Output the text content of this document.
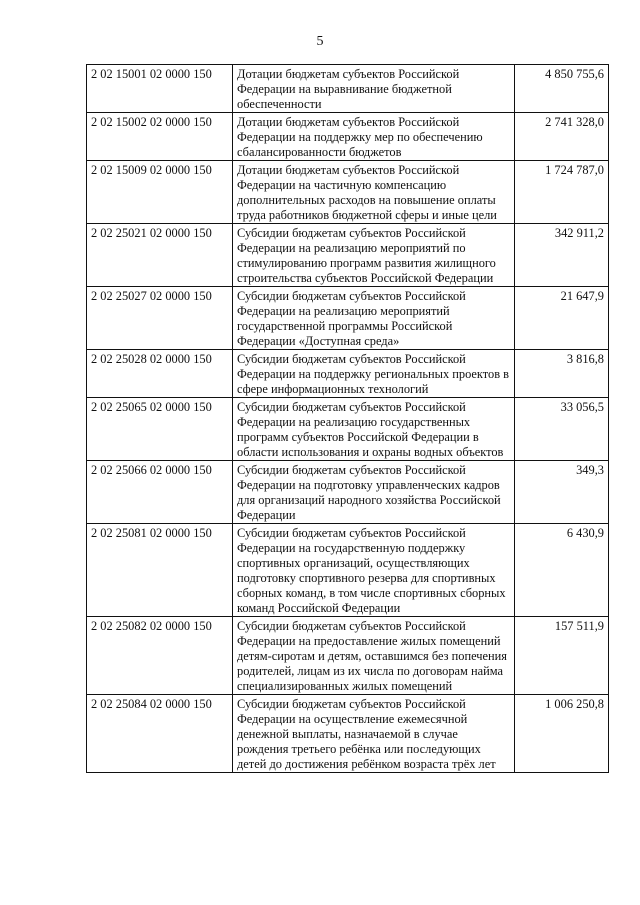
5
2 02 15001 02 0000 150	Дотации бюджетам субъектов Российской Федерации на выравнивание бюджетной обеспеченности	4 850 755,6
2 02 15002 02 0000 150	Дотации бюджетам субъектов Российской Федерации на поддержку мер по обеспечению сбалансированности бюджетов	2 741 328,0
2 02 15009 02 0000 150	Дотации бюджетам субъектов Российской Федерации на частичную компенсацию дополнительных расходов на повышение оплаты труда работников бюджетной сферы и иные цели	1 724 787,0
2 02 25021 02 0000 150	Субсидии бюджетам субъектов Российской Федерации на реализацию мероприятий по стимулированию программ развития жилищного строительства субъектов Российской Федерации	342 911,2
2 02 25027 02 0000 150	Субсидии бюджетам субъектов Российской Федерации на реализацию мероприятий государственной программы Российской Федерации «Доступная среда»	21 647,9
2 02 25028 02 0000 150	Субсидии бюджетам субъектов Российской Федерации на поддержку региональных проектов в сфере информационных технологий	3 816,8
2 02 25065 02 0000 150	Субсидии бюджетам субъектов Российской Федерации на реализацию государственных программ субъектов Российской Федерации в области использования и охраны водных объектов	33 056,5
2 02 25066 02 0000 150	Субсидии бюджетам субъектов Российской Федерации на подготовку управленческих кадров для организаций народного хозяйства Российской Федерации	349,3
2 02 25081 02 0000 150	Субсидии бюджетам субъектов Российской Федерации на государственную поддержку спортивных организаций, осуществляющих подготовку спортивного резерва для спортивных сборных команд, в том числе спортивных сборных команд Российской Федерации	6 430,9
2 02 25082 02 0000 150	Субсидии бюджетам субъектов Российской Федерации на предоставление жилых помещений детям-сиротам и детям, оставшимся без попечения родителей, лицам из их числа по договорам найма специализированных жилых помещений	157 511,9
2 02 25084 02 0000 150	Субсидии бюджетам субъектов Российской Федерации на осуществление ежемесячной денежной выплаты, назначаемой в случае рождения третьего ребёнка или последующих детей до достижения ребёнком возраста трёх лет	1 006 250,8
